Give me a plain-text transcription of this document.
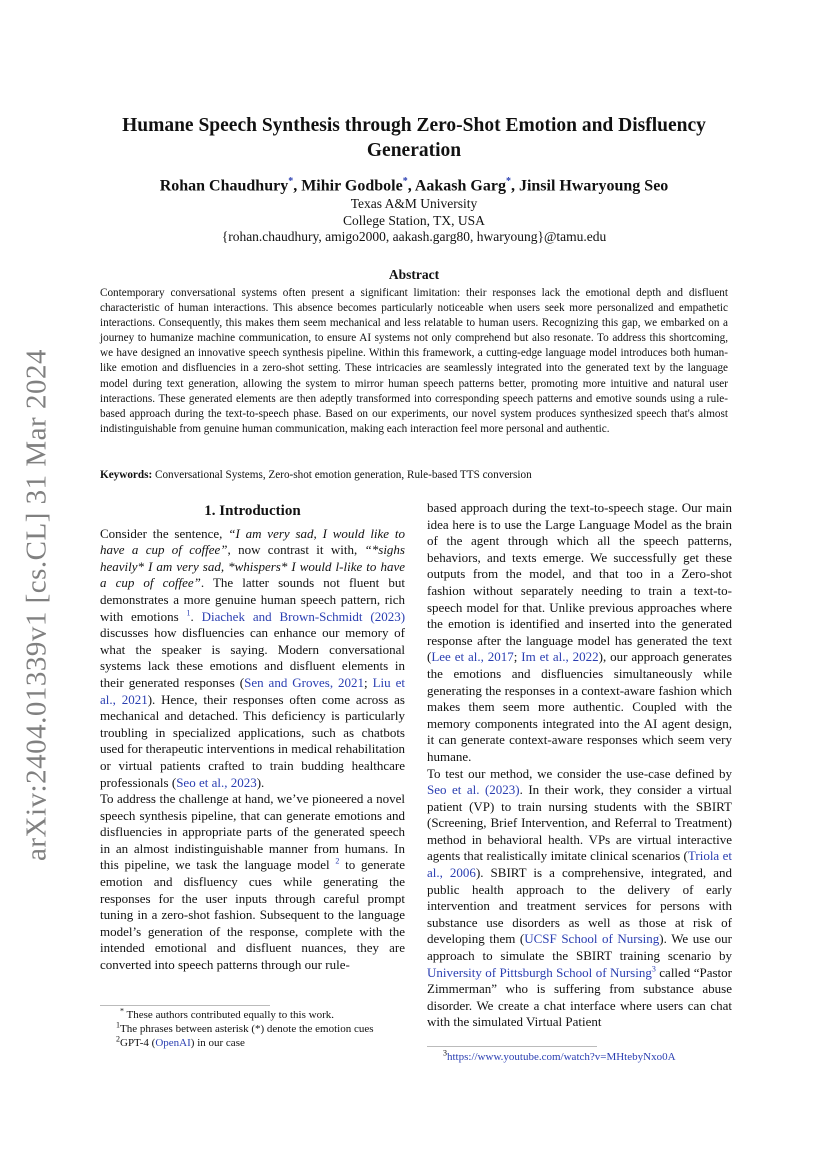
arXiv:2404.01339v1 [cs.CL] 31 Mar 2024
Humane Speech Synthesis through Zero-Shot Emotion and Disfluency Generation
Rohan Chaudhury*, Mihir Godbole*, Aakash Garg*, Jinsil Hwaryoung Seo
Texas A&M University
College Station, TX, USA
{rohan.chaudhury, amigo2000, aakash.garg80, hwaryoung}@tamu.edu
Abstract
Contemporary conversational systems often present a significant limitation: their responses lack the emotional depth and disfluent characteristic of human interactions. This absence becomes particularly noticeable when users seek more personalized and empathetic interactions. Consequently, this makes them seem mechanical and less relatable to human users. Recognizing this gap, we embarked on a journey to humanize machine communication, to ensure AI systems not only comprehend but also resonate. To address this shortcoming, we have designed an innovative speech synthesis pipeline. Within this framework, a cutting-edge language model introduces both human-like emotion and disfluencies in a zero-shot setting. These intricacies are seamlessly integrated into the generated text by the language model during text generation, allowing the system to mirror human speech patterns better, promoting more intuitive and natural user interactions. These generated elements are then adeptly transformed into corresponding speech patterns and emotive sounds using a rule-based approach during the text-to-speech phase. Based on our experiments, our novel system produces synthesized speech that's almost indistinguishable from genuine human communication, making each interaction feel more personal and authentic.
Keywords: Conversational Systems, Zero-shot emotion generation, Rule-based TTS conversion
1. Introduction

Consider the sentence, “I am very sad, I would like to have a cup of coffee”, now contrast it with, “*sighs heavily* I am very sad, *whispers* I would l-like to have a cup of coffee”. The latter sounds not fluent but demonstrates a more genuine human speech pattern, rich with emotions $^1$. Diachek and Brown-Schmidt (2023) discusses how disfluencies can enhance our memory of what the speaker is saying. Modern conversational systems lack these emotions and disfluent elements in their generated responses (Sen and Groves, 2021; Liu et al., 2021). Hence, their responses often come across as mechanical and detached. This deficiency is particularly troubling in specialized applications, such as chatbots used for therapeutic interventions in medical rehabilitation or virtual patients crafted to train budding healthcare professionals (Seo et al., 2023).

To address the challenge at hand, we’ve pioneered a novel speech synthesis pipeline, that can generate emotions and disfluencies in appropriate parts of the generated speech in an almost indistinguishable manner from humans. In this pipeline, we task the language model $^2$ to generate emotion and disfluency cues while generating the responses for the user inputs through careful prompt tuning in a zero-shot fashion. Subsequent to the language model’s generation of the response, complete with the intended emotional and disfluent nuances, they are converted into speech patterns through our rule-

based approach during the text-to-speech stage. Our main idea here is to use the Large Language Model as the brain of the agent through which all the speech patterns, behaviors, and texts emerge. We successfully get these outputs from the model, and that too in a Zero-shot fashion without separately needing to train a text-to-speech model for that. Unlike previous approaches where the emotion is identified and inserted into the generated response after the language model has generated the text (Lee et al., 2017; Im et al., 2022), our approach generates the emotions and disfluencies simultaneously while generating the responses in a context-aware fashion which makes them seem more authentic. Coupled with the memory components integrated into the AI agent design, it can generate context-aware responses which seem very humane.

To test our method, we consider the use-case defined by Seo et al. (2023). In their work, they consider a virtual patient (VP) to train nursing students with the SBIRT (Screening, Brief Intervention, and Referral to Treatment) method in behavioral health. VPs are virtual interactive agents that realistically imitate clinical scenarios (Triola et al., 2006). SBIRT is a comprehensive, integrated, and public health approach to the delivery of early intervention and treatment services for persons with substance use disorders as well as those at risk of developing them (UCSF School of Nursing). We use our approach to simulate the SBIRT training scenario by University of Pittsburgh School of Nursing$^3$ called “Pastor Zimmerman” who is suffering from substance abuse disorder. We create a chat interface where users can chat with the simulated Virtual Patient

* These authors contributed equally to this work.
$^1$The phrases between asterisk (*) denote the emotion cues
$^2$GPT-4 (OpenAI) in our case
$^3$https://www.youtube.com/watch?v=MHtebyNxo0A
